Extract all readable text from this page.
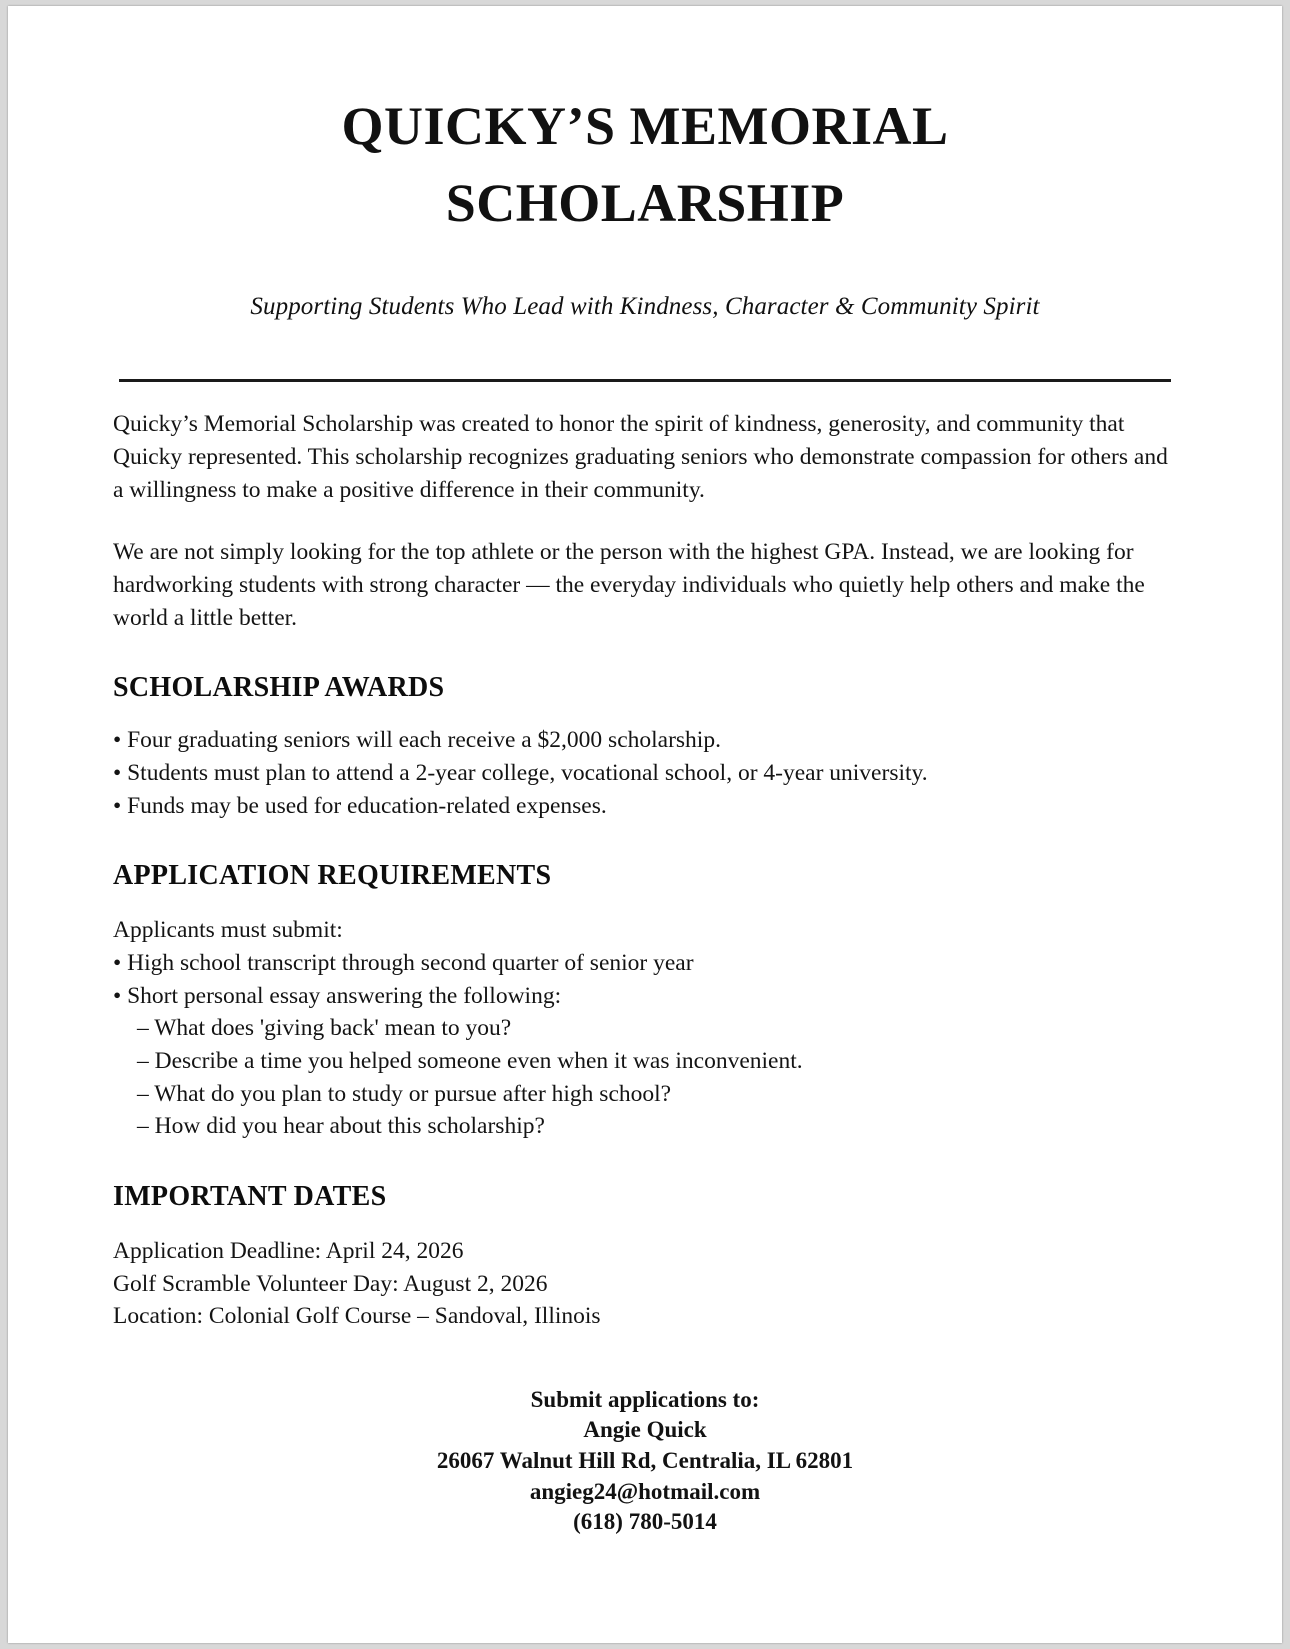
QUICKY’S MEMORIAL SCHOLARSHIP
Supporting Students Who Lead with Kindness, Character & Community Spirit

Quicky’s Memorial Scholarship was created to honor the spirit of kindness, generosity, and community that Quicky represented. This scholarship recognizes graduating seniors who demonstrate compassion for others and a willingness to make a positive difference in their community.

We are not simply looking for the top athlete or the person with the highest GPA. Instead, we are looking for hardworking students with strong character — the everyday individuals who quietly help others and make the world a little better.

SCHOLARSHIP AWARDS
• Four graduating seniors will each receive a $2,000 scholarship.
• Students must plan to attend a 2-year college, vocational school, or 4-year university.
• Funds may be used for education-related expenses.
APPLICATION REQUIREMENTS
Applicants must submit:
• High school transcript through second quarter of senior year
• Short personal essay answering the following:
– What does 'giving back' mean to you?
– Describe a time you helped someone even when it was inconvenient.
– What do you plan to study or pursue after high school?
– How did you hear about this scholarship?
IMPORTANT DATES
Application Deadline: April 24, 2026
Golf Scramble Volunteer Day: August 2, 2026
Location: Colonial Golf Course – Sandoval, Illinois
Submit applications to:
Angie Quick
26067 Walnut Hill Rd, Centralia, IL 62801
angieg24@hotmail.com
(618) 780-5014
